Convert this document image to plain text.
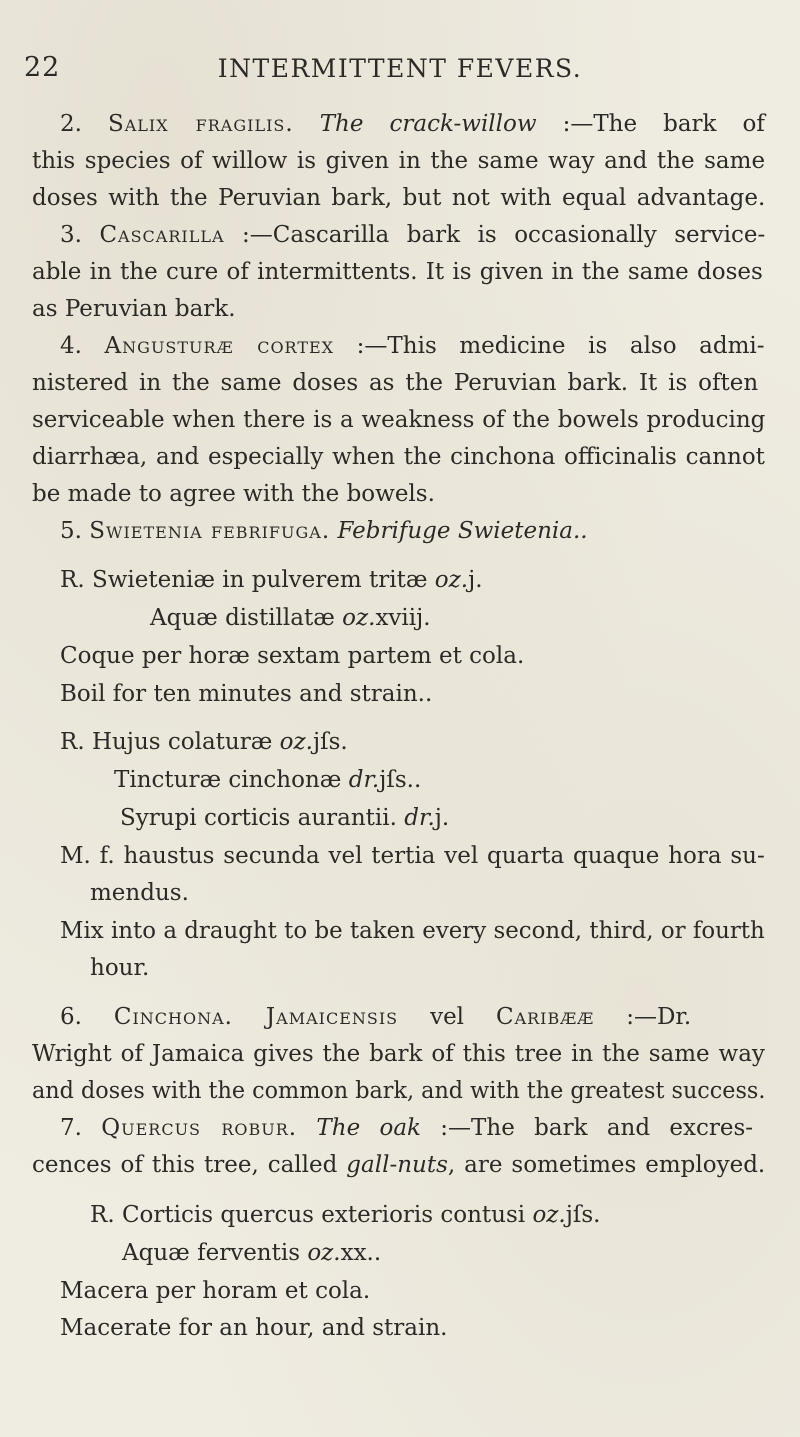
22	INTERMITTENT FEVERS.
2. Salix fragilis. The crack-willow :—The bark of
this species of willow is given in the same way and the same
doses with the Peruvian bark, but not with equal advantage.
3. Cascarilla :—Cascarilla bark is occasionally service-
able in the cure of intermittents. It is given in the same doses
as Peruvian bark.
4. Angusturæ cortex :—This medicine is also admi-
nistered in the same doses as the Peruvian bark. It is often
serviceable when there is a weakness of the bowels producing
diarrhæa, and especially when the cinchona officinalis cannot
be made to agree with the bowels.
5. Swietenia febrifuga. Febrifuge Swietenia..
R. Swieteniæ in pulverem tritæ oz.j.
Aquæ distillatæ oz.xviij.
Coque per horæ sextam partem et cola.
Boil for ten minutes and strain..
R. Hujus colaturæ oz.jſs.
Tincturæ cinchonæ dr.jſs..
Syrupi corticis aurantii. dr.j.
M. f. haustus secunda vel tertia vel quarta quaque hora su-
mendus.
Mix into a draught to be taken every second, third, or fourth
hour.
6. Cinchona. Jamaicensis vel Caribææ :—Dr.
Wright of Jamaica gives the bark of this tree in the same way
and doses with the common bark, and with the greatest success.
7. Quercus robur. The oak :—The bark and excres-
cences of this tree, called gall-nuts, are sometimes employed.
R. Corticis quercus exterioris contusi oz.jſs.
Aquæ ferventis oz.xx..
Macera per horam et cola.
Macerate for an hour, and strain.
